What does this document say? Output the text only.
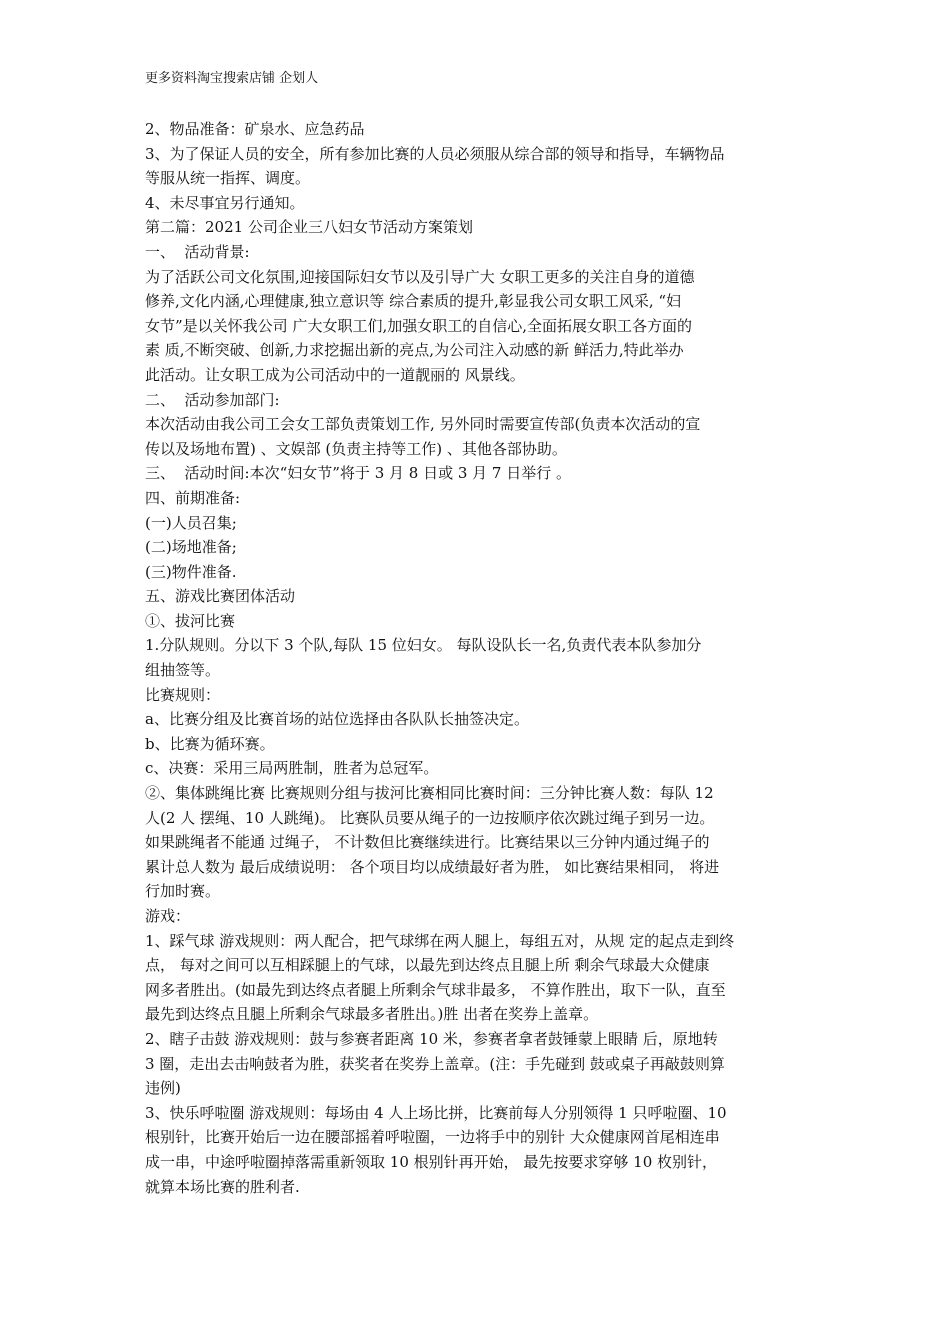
更多资料淘宝搜索店铺 企划人
2、物品准备：矿泉水、应急药品
3、为了保证人员的安全，所有参加比赛的人员必须服从综合部的领导和指导，车辆物品
等服从统一指挥、调度。
4、未尽事宜另行通知。
第二篇：2021 公司企业三八妇女节活动方案策划
一、  活动背景:
为了活跃公司文化氛围,迎接国际妇女节以及引导广大 女职工更多的关注自身的道德
修养,文化内涵,心理健康,独立意识等 综合素质的提升,彰显我公司女职工风采, “妇
女节”是以关怀我公司 广大女职工们,加强女职工的自信心,全面拓展女职工各方面的
素 质,不断突破、创新,力求挖掘出新的亮点,为公司注入动感的新 鲜活力,特此举办
此活动。让女职工成为公司活动中的一道靓丽的 风景线。
二、  活动参加部门:
本次活动由我公司工会女工部负责策划工作, 另外同时需要宣传部(负责本次活动的宣
传以及场地布置) 、文娱部 (负责主持等工作) 、其他各部协助。
三、  活动时间:本次“妇女节”将于 3 月 8 日或 3 月 7 日举行 。
四、前期准备:
(一)人员召集;
(二)场地准备;
(三)物件准备.
五、游戏比赛团体活动
①、拔河比赛
1.分队规则。分以下 3 个队,每队 15 位妇女。 每队设队长一名,负责代表本队参加分
组抽签等。
比赛规则：
a、比赛分组及比赛首场的站位选择由各队队长抽签决定。
b、比赛为循环赛。
c、决赛：采用三局两胜制，胜者为总冠军。
②、集体跳绳比赛 比赛规则分组与拔河比赛相同比赛时间：三分钟比赛人数：每队 12
人(2 人 摆绳、10 人跳绳)。 比赛队员要从绳子的一边按顺序依次跳过绳子到另一边。
如果跳绳者不能通 过绳子， 不计数但比赛继续进行。比赛结果以三分钟内通过绳子的
累计总人数为 最后成绩说明： 各个项目均以成绩最好者为胜， 如比赛结果相同， 将进
行加时赛。
游戏：
1、踩气球 游戏规则：两人配合，把气球绑在两人腿上，每组五对，从规 定的起点走到终
点， 每对之间可以互相踩腿上的气球，以最先到达终点且腿上所 剩余气球最大众健康
网多者胜出。(如最先到达终点者腿上所剩余气球非最多， 不算作胜出，取下一队，直至
最先到达终点且腿上所剩余气球最多者胜出。)胜 出者在奖券上盖章。
2、瞎子击鼓 游戏规则：鼓与参赛者距离 10 米，参赛者拿者鼓锤蒙上眼睛 后，原地转
3 圈，走出去击响鼓者为胜，获奖者在奖券上盖章。(注：手先碰到 鼓或桌子再敲鼓则算
违例)
3、快乐呼啦圈 游戏规则：每场由 4 人上场比拼，比赛前每人分别领得 1 只呼啦圈、10
根别针，比赛开始后一边在腰部摇着呼啦圈，一边将手中的别针 大众健康网首尾相连串
成一串，中途呼啦圈掉落需重新领取 10 根别针再开始， 最先按要求穿够 10 枚别针，
就算本场比赛的胜利者.
